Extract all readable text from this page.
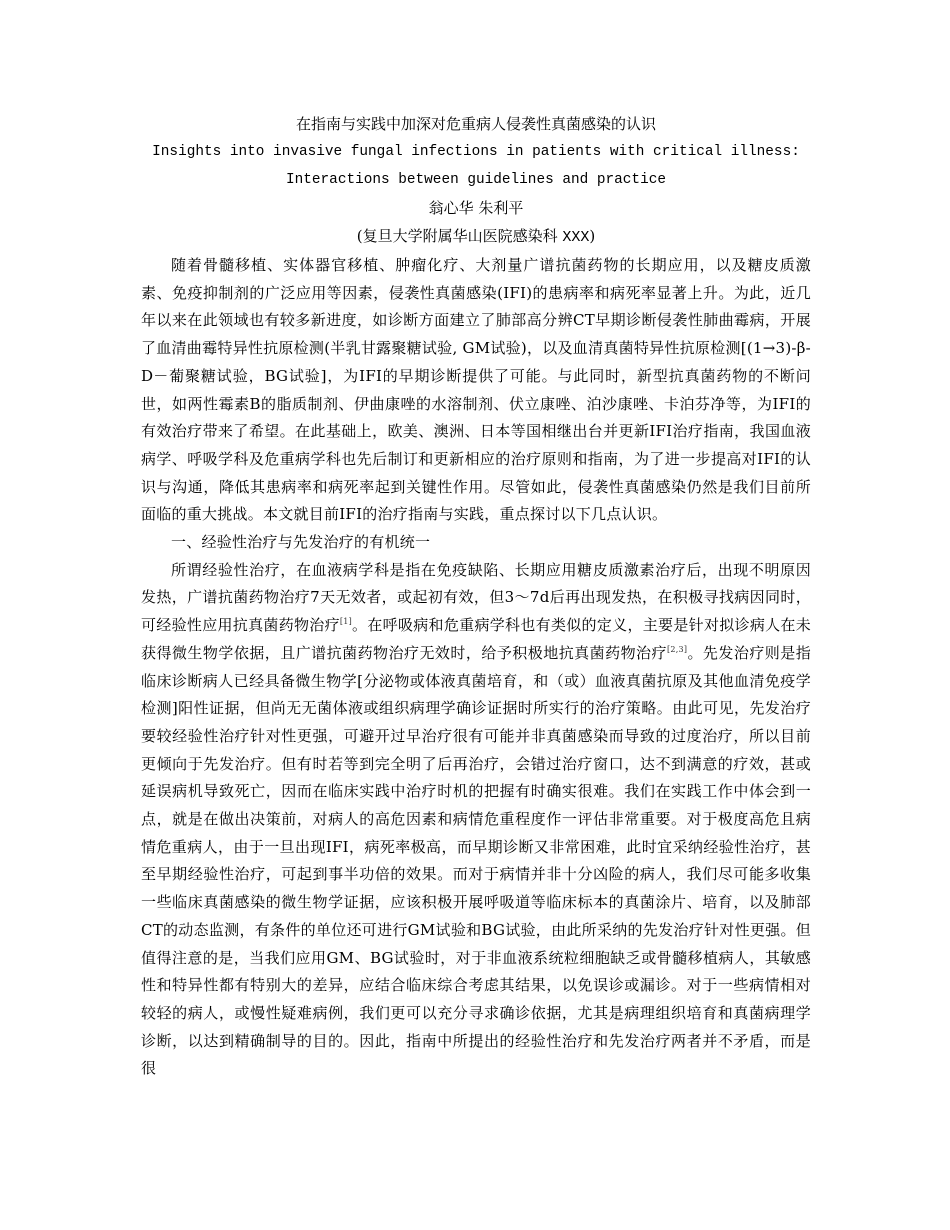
在指南与实践中加深对危重病人侵袭性真菌感染的认识
Insights into invasive fungal infections in patients with critical illness:
Interactions between guidelines and practice
翁心华 朱利平
(复旦大学附属华山医院感染科 XXX)

随着骨髓移植、实体器官移植、肿瘤化疗、大剂量广谱抗菌药物的长期应用，以及糖皮质激素、免疫抑制剂的广泛应用等因素，侵袭性真菌感染(IFI)的患病率和病死率显著上升。为此，近几年以来在此领域也有较多新进度，如诊断方面建立了肺部高分辨CT早期诊断侵袭性肺曲霉病，开展了血清曲霉特异性抗原检测(半乳甘露聚糖试验, GM试验)，以及血清真菌特异性抗原检测[(1→3)-β-D－葡聚糖试验，BG试验]，为IFI的早期诊断提供了可能。与此同时，新型抗真菌药物的不断问世，如两性霉素B的脂质制剂、伊曲康唑的水溶制剂、伏立康唑、泊沙康唑、卡泊芬净等，为IFI的有效治疗带来了希望。在此基础上，欧美、澳洲、日本等国相继出台并更新IFI治疗指南，我国血液病学、呼吸学科及危重病学科也先后制订和更新相应的治疗原则和指南，为了进一步提高对IFI的认识与沟通，降低其患病率和病死率起到关键性作用。尽管如此，侵袭性真菌感染仍然是我们目前所面临的重大挑战。本文就目前IFI的治疗指南与实践，重点探讨以下几点认识。

一、经验性治疗与先发治疗的有机统一

所谓经验性治疗，在血液病学科是指在免疫缺陷、长期应用糖皮质激素治疗后，出现不明原因发热，广谱抗菌药物治疗7天无效者，或起初有效，但3～7d后再出现发热，在积极寻找病因同时，可经验性应用抗真菌药物治疗[1]。在呼吸病和危重病学科也有类似的定义，主要是针对拟诊病人在未获得微生物学依据，且广谱抗菌药物治疗无效时，给予积极地抗真菌药物治疗[2,3]。先发治疗则是指临床诊断病人已经具备微生物学[分泌物或体液真菌培育，和（或）血液真菌抗原及其他血清免疫学检测]阳性证据，但尚无无菌体液或组织病理学确诊证据时所实行的治疗策略。由此可见，先发治疗要较经验性治疗针对性更强，可避开过早治疗很有可能并非真菌感染而导致的过度治疗，所以目前更倾向于先发治疗。但有时若等到完全明了后再治疗，会错过治疗窗口，达不到满意的疗效，甚或延误病机导致死亡，因而在临床实践中治疗时机的把握有时确实很难。我们在实践工作中体会到一点，就是在做出决策前，对病人的高危因素和病情危重程度作一评估非常重要。对于极度高危且病情危重病人，由于一旦出现IFI，病死率极高，而早期诊断又非常困难，此时宜采纳经验性治疗，甚至早期经验性治疗，可起到事半功倍的效果。而对于病情并非十分凶险的病人，我们尽可能多收集一些临床真菌感染的微生物学证据，应该积极开展呼吸道等临床标本的真菌涂片、培育，以及肺部CT的动态监测，有条件的单位还可进行GM试验和BG试验，由此所采纳的先发治疗针对性更强。但值得注意的是，当我们应用GM、BG试验时，对于非血液系统粒细胞缺乏或骨髓移植病人，其敏感性和特异性都有特别大的差异，应结合临床综合考虑其结果，以免误诊或漏诊。对于一些病情相对较轻的病人，或慢性疑难病例，我们更可以充分寻求确诊依据，尤其是病理组织培育和真菌病理学诊断，以达到精确制导的目的。因此，指南中所提出的经验性治疗和先发治疗两者并不矛盾，而是很
